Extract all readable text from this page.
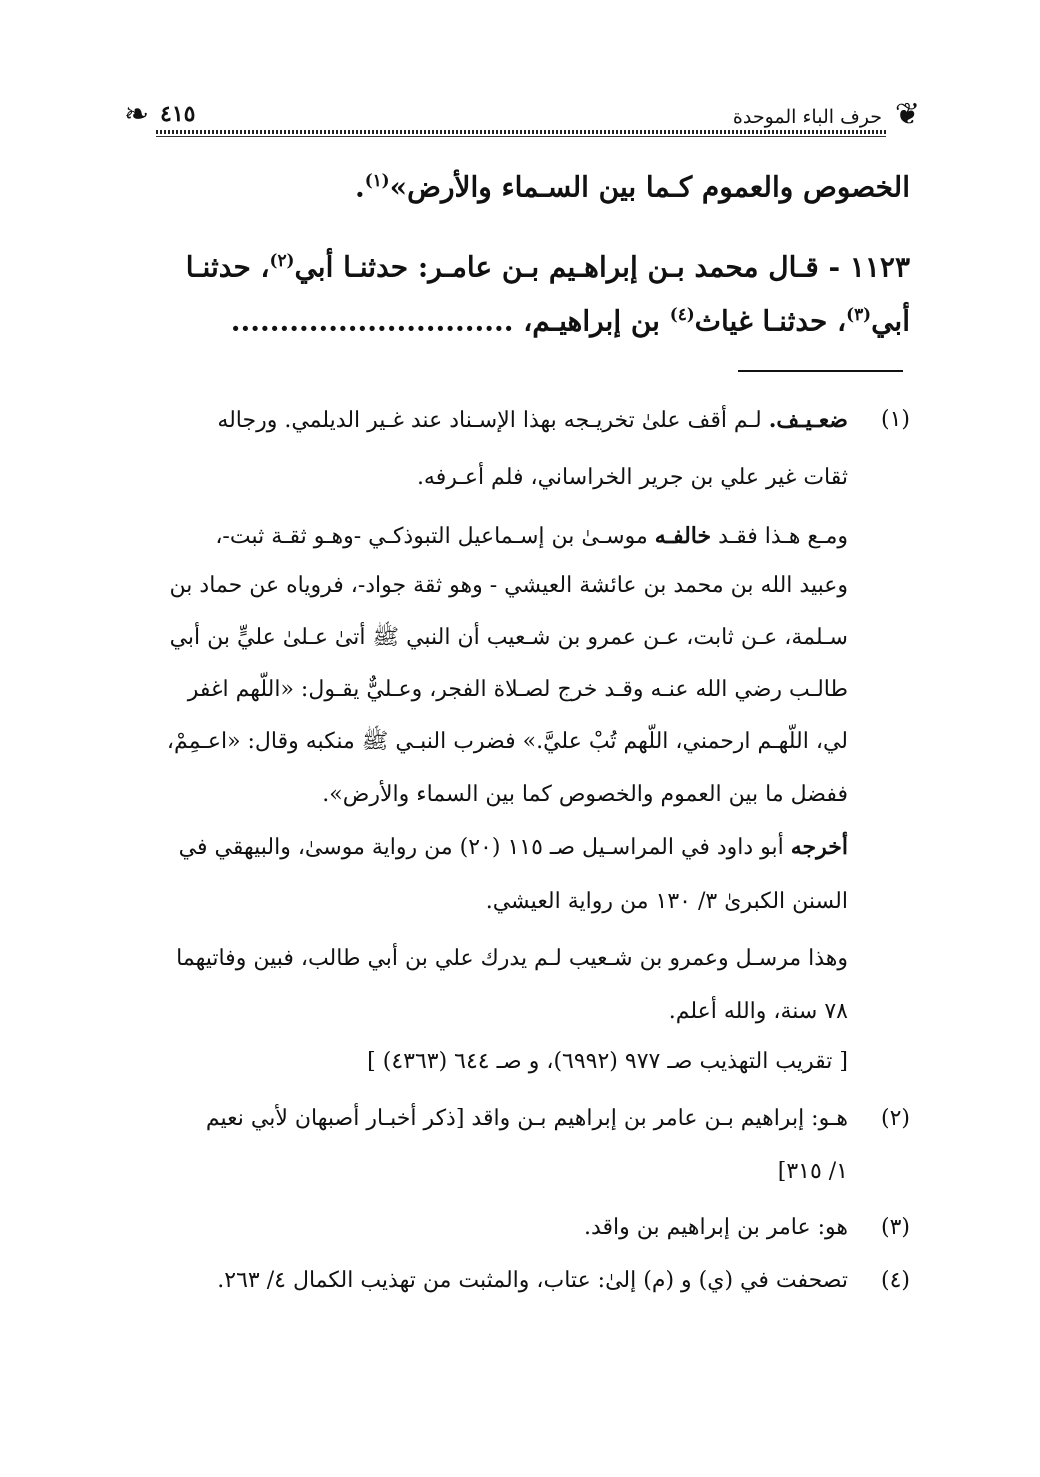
❦
حرف الباء الموحدة
٤١٥
❧
الخصوص والعموم كـما بين السـماء والأرض»$^{(١)}$.
١١٢٣ - قـال محمد بـن إبراهـيم بـن عامـر: حدثنـا أبي$^{(٢)}$، حدثنـا
أبي$^{(٣)}$، حدثنـا غياث$^{(٤)}$ بن إبراهيـم، .............................
(١)
ضعـيـف. لـم أقف علىٰ تخريـجه بهذا الإسـناد عند غـير الديلمي. ورجاله
ثقات غير علي بن جرير الخراساني، فلم أعـرفه.
ومـع هـذا فقـد خالفـه موسـىٰ بن إسـماعيل التبوذكـي -وهـو ثقـة ثبت-،
وعبيد الله بن محمد بن عائشة العيشي - وهو ثقة جواد-، فروياه عن حماد بن
سـلمة، عـن ثابت، عـن عمرو بن شـعيب أن النبي ﷺ أتىٰ عـلىٰ عليٍّ بن أبي
طالـب رضي الله عنـه وقـد خرج لصـلاة الفجر، وعـليٌّ يقـول: «اللّهم اغفر
لي، اللّهـم ارحمني، اللّهم تُبْ عليَّ.» فضرب النبـي ﷺ منكبه وقال: «اعـمِمْ،
ففضل ما بين العموم والخصوص كما بين السماء والأرض».
أخرجه أبو داود في المراسـيل صـ ١١٥ (٢٠) من رواية موسىٰ، والبيهقي في
السنن الكبرىٰ ٣/ ١٣٠ من رواية العيشي.
وهذا مرسـل وعمرو بن شـعيب لـم يدرك علي بن أبي طالب، فبين وفاتيهما
٧٨ سنة، والله أعلم.
[ تقريب التهذيب صـ ٩٧٧ (٦٩٩٢)، و صـ ٦٤٤ (٤٣٦٣) ]
(٢)
هـو: إبراهيم بـن عامر بن إبراهيم بـن واقد [ذكر أخبـار أصبهان لأبي نعيم
١/ ٣١٥]
(٣)
هو: عامر بن إبراهيم بن واقد.
(٤)
تصحفت في (ي) و (م) إلىٰ: عتاب، والمثبت من تهذيب الكمال ٤/ ٢٦٣.
